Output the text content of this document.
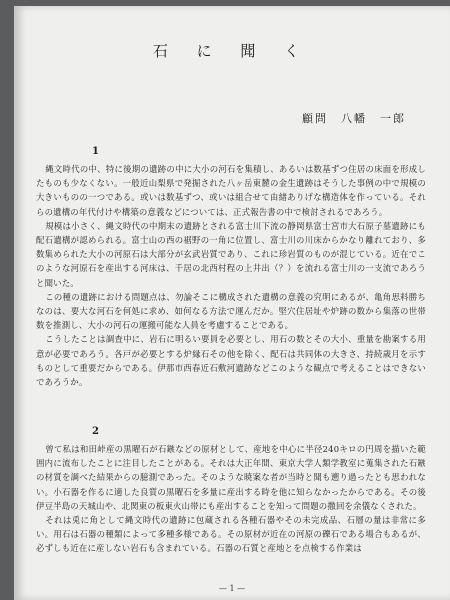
石 に 聞 く
顧問　八幡　一郎
1

縄文時代の中、特に後期の遺跡の中に大小の河石を集積し、あるいは数基ずつ住居の床面を形成したものも少なくない。一般近山梨県で発掘された八ヶ岳東麓の金生遺跡はそうした事例の中で規模の大きいものの一つである。或いは数基ずつ、或いは組合せて由緒ありげな構造体を作っている。それらの遺構の年代付けや構築の意義などについては、正式報告書の中で検討されるであろう。

規模は小さく、縄文時代の中期末の遺跡とされる富士川下流の静岡県富士宮市大石原子墓遺跡にも配石遺構が認められる。富士山の西の裾野の一角に位置し、富士川の川床からかなり離れており、多数集められた大小の河原石は大部分が玄武岩質であり、これに珍岩質のものが混じている。近在でこのような河原石を産出する河床は、千居の北西村程の上井出（？）を流れる富士川の一支流であろうと聞いた。

この種の遺跡における問題点は、勿論そこに構成された遺構の意義の究明にあるが、亀角思料勝ちなのは、要大な河石を何処に求め、如何なる方法で運んだか。堅穴住居址や炉跡の数から集落の世帯数を推測し、大小の河石の運搬可能な人員を考慮することである。

こうしたことは調査中に、岩石に明るい要員を必要とし、用石の数とその大小、重量を勘案する用意が必要であろう。各戸が必要とする炉縁石その他を除く、配石は共同体の大きさ、持続歳月を示すものとして重要だからである。伊那市西春近石敷河遺跡などこのような観点で考えることはできないであろうか。

2

曾て私は和田峠産の黒曜石が石鏃などの原材として、産地を中心に半径240キロの円周を描いた範囲内に流布したことに注目したことがある。それは大正年間、東京大学人類学教室に蒐集された石鏃の材質を調べた結果からの臆測であった。そのような暁案な者が当時と聞も遡り過ったとも思われない。小石器を作るに適した良質の黒曜石を多量に産出する時を他に知らなかったからである。その後伊豆半島の天城山や、北関東の板東火山帯にも産出することを知って問題の撒回を余儀なくされた。

それは兎に角として縄文時代の遺跡に包蔵される各種石器やその未完成品、石層の量は非常に多い。用石は石器の種類によって多種多様である。その原材が近在の河原の礫石である場合もあるが、必ずしも近在に産しない岩石も含まれている。石器の石質と産地とを点検する作業は

— 1 —
